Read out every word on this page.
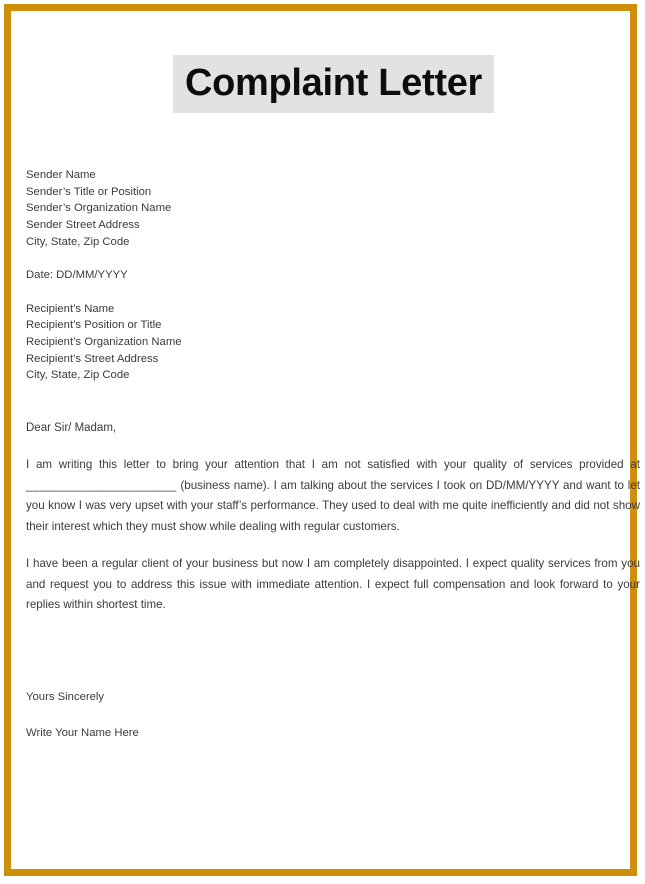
Complaint Letter
Sender Name
Sender’s Title or Position
Sender’s Organization Name
Sender Street Address
City, State, Zip Code
Date: DD/MM/YYYY
Recipient’s Name
Recipient’s Position or Title
Recipient’s Organization Name
Recipient’s Street Address
City, State, Zip Code
Dear Sir/ Madam,
I am writing this letter to bring your attention that I am not satisfied with your quality of services provided at ______________________ (business name). I am talking about the services I took on DD/MM/YYYY and want to let you know I was very upset with your staff’s performance. They used to deal with me quite inefficiently and did not show their interest which they must show while dealing with regular customers.
I have been a regular client of your business but now I am completely disappointed. I expect quality services from you and request you to address this issue with immediate attention. I expect full compensation and look forward to your replies within shortest time.
Yours Sincerely
Write Your Name Here
